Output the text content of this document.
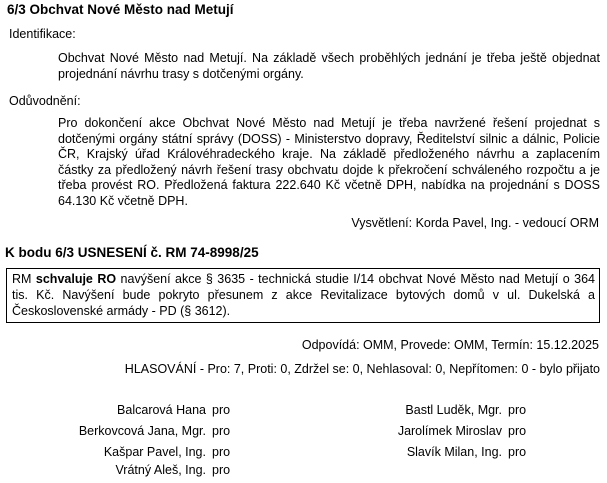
6/3 Obchvat Nové Město nad Metují
Identifikace:

Obchvat Nové Město nad Metují. Na základě všech proběhlých jednání je třeba ještě objednat projednání návrhu trasy s dotčenými orgány.

Odůvodnění:

Pro dokončení akce Obchvat Nové Město nad Metují je třeba navržené řešení projednat s dotčenými orgány státní správy (DOSS) - Ministerstvo dopravy, Ředitelství silnic a dálnic, Policie ČR, Krajský úřad Královéhradeckého kraje. Na základě předloženého návrhu a zaplacením částky za předložený návrh řešení trasy obchvatu dojde k překročení schváleného rozpočtu a je třeba provést RO. Předložená faktura 222.640 Kč včetně DPH, nabídka na projednání s DOSS 64.130 Kč včetně DPH.

Vysvětlení: Korda Pavel, Ing. - vedoucí ORM
K bodu 6/3 USNESENÍ č. RM 74-8998/25
RM schvaluje RO navýšení akce § 3635 - technická studie I/14 obchvat Nové Město nad Metují o 364 tis. Kč. Navýšení bude pokryto přesunem z akce Revitalizace bytových domů v ul. Dukelská a Československé armády - PD (§ 3612).
Odpovídá: OMM, Provede: OMM, Termín: 15.12.2025
HLASOVÁNÍ - Pro: 7, Proti: 0, Zdržel se: 0, Nehlasoval: 0, Nepřítomen: 0 - bylo přijato
Balcarová Hana pro
Berkovcová Jana, Mgr. pro
Kašpar Pavel, Ing. pro
Vrátný Aleš, Ing. pro
Bastl Luděk, Mgr. pro
Jarolímek Miroslav pro
Slavík Milan, Ing. pro
